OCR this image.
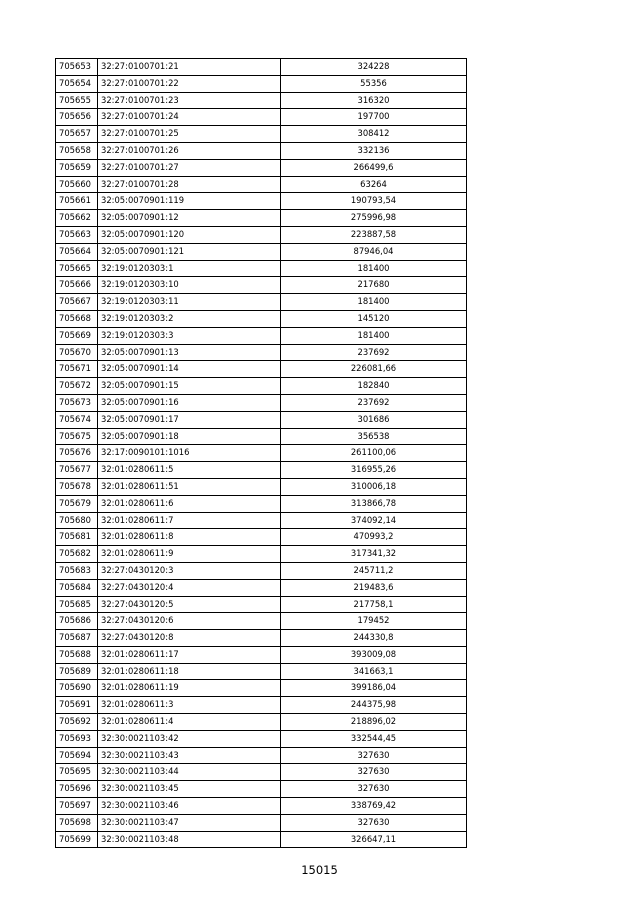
705653	32:27:0100701:21	324228
705654	32:27:0100701:22	55356
705655	32:27:0100701:23	316320
705656	32:27:0100701:24	197700
705657	32:27:0100701:25	308412
705658	32:27:0100701:26	332136
705659	32:27:0100701:27	266499,6
705660	32:27:0100701:28	63264
705661	32:05:0070901:119	190793,54
705662	32:05:0070901:12	275996,98
705663	32:05:0070901:120	223887,58
705664	32:05:0070901:121	87946,04
705665	32:19:0120303:1	181400
705666	32:19:0120303:10	217680
705667	32:19:0120303:11	181400
705668	32:19:0120303:2	145120
705669	32:19:0120303:3	181400
705670	32:05:0070901:13	237692
705671	32:05:0070901:14	226081,66
705672	32:05:0070901:15	182840
705673	32:05:0070901:16	237692
705674	32:05:0070901:17	301686
705675	32:05:0070901:18	356538
705676	32:17:0090101:1016	261100,06
705677	32:01:0280611:5	316955,26
705678	32:01:0280611:51	310006,18
705679	32:01:0280611:6	313866,78
705680	32:01:0280611:7	374092,14
705681	32:01:0280611:8	470993,2
705682	32:01:0280611:9	317341,32
705683	32:27:0430120:3	245711,2
705684	32:27:0430120:4	219483,6
705685	32:27:0430120:5	217758,1
705686	32:27:0430120:6	179452
705687	32:27:0430120:8	244330,8
705688	32:01:0280611:17	393009,08
705689	32:01:0280611:18	341663,1
705690	32:01:0280611:19	399186,04
705691	32:01:0280611:3	244375,98
705692	32:01:0280611:4	218896,02
705693	32:30:0021103:42	332544,45
705694	32:30:0021103:43	327630
705695	32:30:0021103:44	327630
705696	32:30:0021103:45	327630
705697	32:30:0021103:46	338769,42
705698	32:30:0021103:47	327630
705699	32:30:0021103:48	326647,11
15015
